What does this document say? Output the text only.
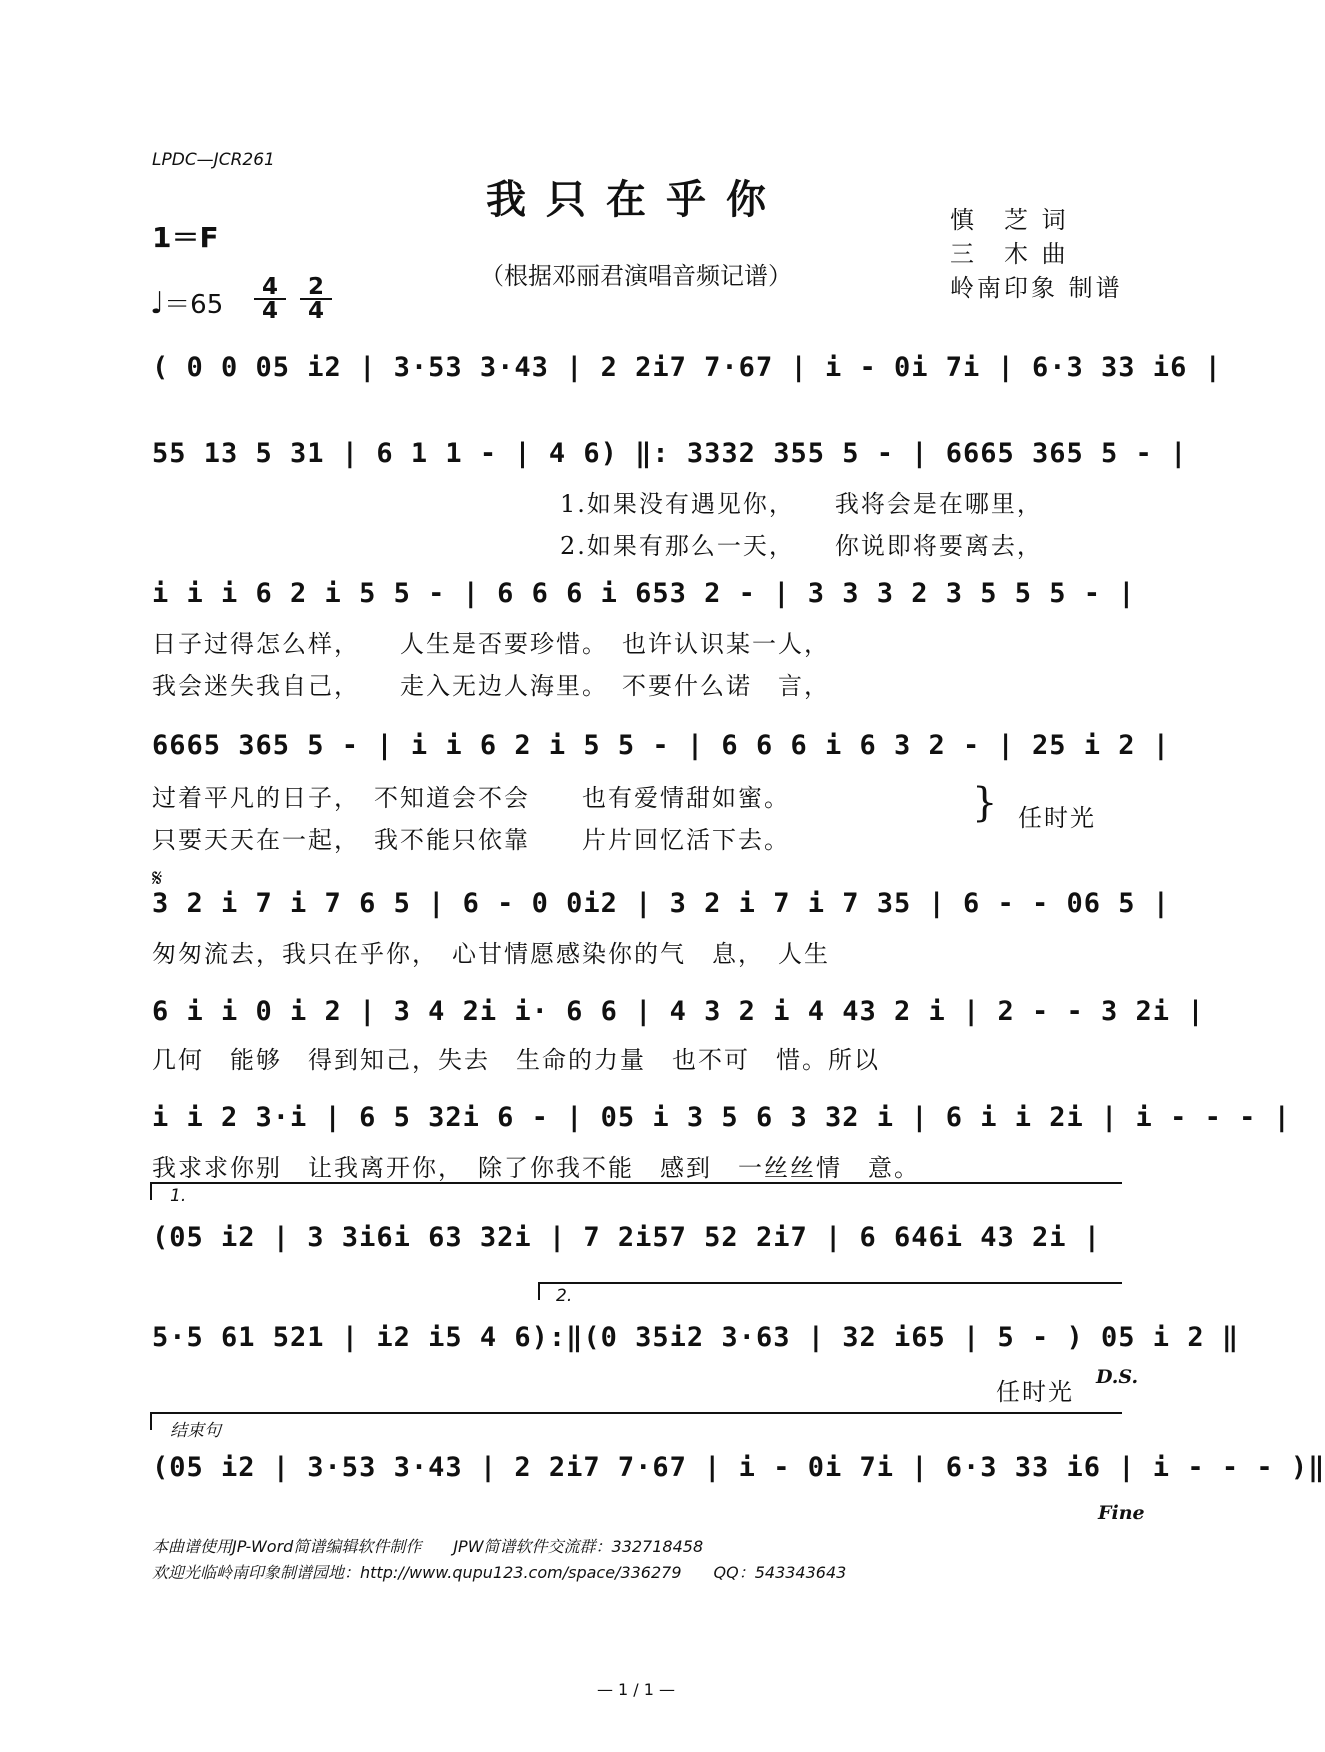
LPDC—JCR261
我只在乎你
（根据邓丽君演唱音频记谱）
1＝F

$\frac{4}{4}$

$\frac{2}{4}$

♩＝65
慎　芝 词
三　木 曲
岭南印象 制谱
( 0 0 05 i2 | 3·53 3·43 | 2 2i7 7·67 | i - 0i 7i | 6·3 33 i6 |
55 13 5 31 | 6 1 1 - | 4 6) ‖: 3332 355 5 - | 6665 365 5 - |
1.如果没有遇见你，　　我将会是在哪里，
2.如果有那么一天，　　你说即将要离去，
i i i 6 2 i 5 5 - | 6 6 6 i 653 2 - | 3 3 3 2 3 5 5 5 - |
日子过得怎么样，　　人生是否要珍惜。　也许认识某一人，
我会迷失我自己，　　走入无边人海里。　不要什么诺　言，
6665 365 5 - | i i 6 2 i 5 5 - | 6 6 6 i 6 3 2 - | 25 i 2 |
过着平凡的日子，　不知道会不会　　也有爱情甜如蜜。
只要天天在一起，　我不能只依靠　　片片回忆活下去。
} 任时光
𝄋
3 2 i 7 i 7 6 5 | 6 - 0 0i2 | 3 2 i 7 i 7 35 | 6 - - 06 5 |
匆匆流去，我只在乎你，　心甘情愿感染你的气　息，　人生
6 i i 0 i 2 | 3 4 2i i· 6 6 | 4 3 2 i 4 43 2 i | 2 - - 3 2i |
几何　能够　得到知己，失去　生命的力量　也不可　惜。所以
i i 2 3·i | 6 5 32i 6 - | 05 i 3 5 6 3 32 i | 6 i i 2i | i - - - |
我求求你别　让我离开你，　除了你我不能　感到　一丝丝情　意。
1.
(05 i2 | 3 3i6i 63 32i | 7 2i57 52 2i7 | 6 646i 43 2i |
2.
5·5 61 521 | i2 i5 4 6):‖(0 35i2 3·63 | 32 i65 | 5 - ) 05 i 2 ‖
任时光
D.S.
结束句
(05 i2 | 3·53 3·43 | 2 2i7 7·67 | i - 0i 7i | 6·3 33 i6 | i - - - )‖
Fine
本曲谱使用JP-Word简谱编辑软件制作　　JPW简谱软件交流群：332718458
欢迎光临岭南印象制谱园地：http://www.qupu123.com/space/336279　　QQ：543343643
— 1 / 1 —
